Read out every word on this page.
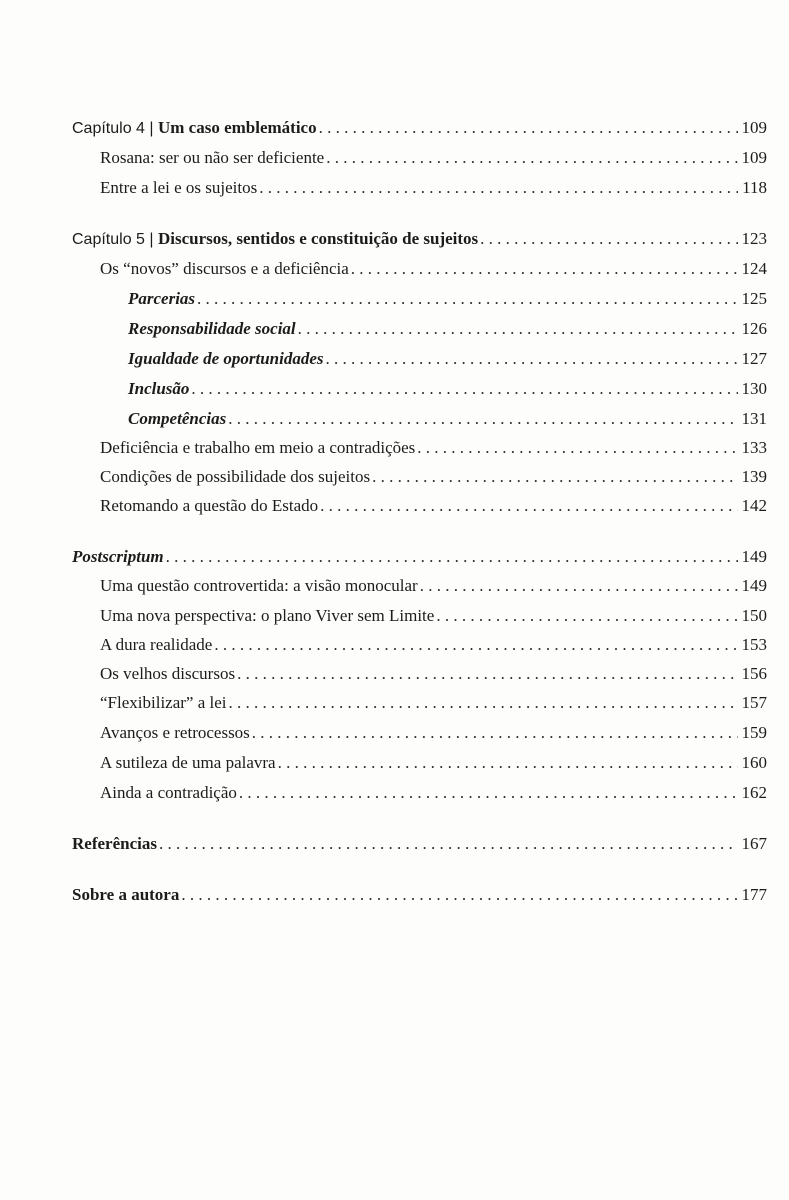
Capítulo 4 | Um caso emblemático . . .	109
Rosana: ser ou não ser deficiente . . .	109
Entre a lei e os sujeitos . . .	118
Capítulo 5 | Discursos, sentidos e constituição de sujeitos . . .	123
Os “novos” discursos e a deficiência . . .	124
Parcerias . . .	125
Responsabilidade social . . .	126
Igualdade de oportunidades . . .	127
Inclusão . . .	130
Competências . . .	131
Deficiência e trabalho em meio a contradições . . .	133
Condições de possibilidade dos sujeitos . . .	139
Retomando a questão do Estado . . .	142
Postscriptum . . .	149
Uma questão controvertida: a visão monocular . . .	149
Uma nova perspectiva: o plano Viver sem Limite . . .	150
A dura realidade . . .	153
Os velhos discursos . . .	156
“Flexibilizar” a lei . . .	157
Avanços e retrocessos . . .	159
A sutileza de uma palavra . . .	160
Ainda a contradição . . .	162
Referências . . .	167
Sobre a autora . . .	177
